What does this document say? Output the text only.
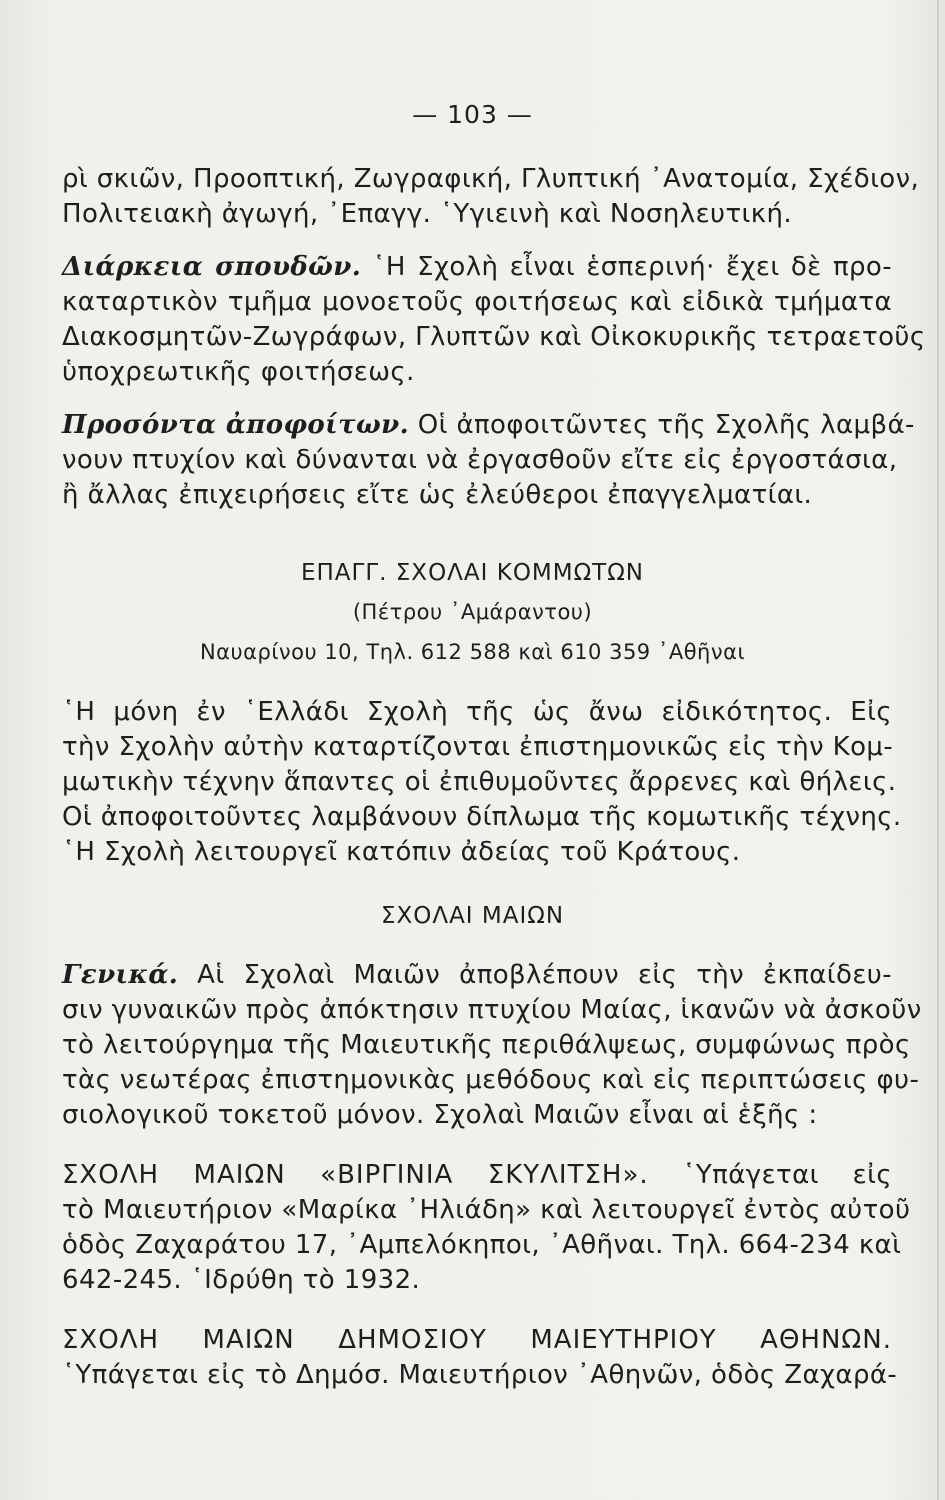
— 103 —
ρὶ σκιῶν, Προοπτική, Ζωγραφική, Γλυπτική ᾿Ανατομία, Σχέδιον,
Πολιτειακὴ ἀγωγή, ᾿Επαγγ. ῾Υγιεινὴ καὶ Νοσηλευτική.
Διάρκεια σπουδῶν. ῾Η Σχολὴ εἶναι ἑσπερινή· ἔχει δὲ προ-
καταρτικὸν τμῆμα μονοετοῦς φοιτήσεως καὶ εἰδικὰ τμήματα
Διακοσμητῶν-Ζωγράφων, Γλυπτῶν καὶ Οἰκοκυρικῆς τετραετοῦς
ὑποχρεωτικῆς φοιτήσεως.
Προσόντα ἀποφοίτων. Οἱ ἀποφοιτῶντες τῆς Σχολῆς λαμβά-
νουν πτυχίον καὶ δύνανται νὰ ἐργασθοῦν εἴτε εἰς ἐργοστάσια,
ἢ ἄλλας ἐπιχειρήσεις εἴτε ὡς ἐλεύθεροι ἐπαγγελματίαι.
ΕΠΑΓΓ. ΣΧΟΛΑΙ ΚΟΜΜΩΤΩΝ
(Πέτρου ᾿Αμάραντου)
Ναυαρίνου 10, Τηλ. 612 588 καὶ 610 359 ᾿Αθῆναι
῾Η μόνη ἐν ῾Ελλάδι Σχολὴ τῆς ὡς ἄνω εἰδικότητος. Εἰς
τὴν Σχολὴν αὐτὴν καταρτίζονται ἐπιστημονικῶς εἰς τὴν Κομ-
μωτικὴν τέχνην ἅπαντες οἱ ἐπιθυμοῦντες ἄρρενες καὶ θήλεις.
Οἱ ἀποφοιτοῦντες λαμβάνουν δίπλωμα τῆς κομωτικῆς τέχνης.
῾Η Σχολὴ λειτουργεῖ κατόπιν ἀδείας τοῦ Κράτους.
ΣΧΟΛΑΙ ΜΑΙΩΝ
Γενικά. Αἱ Σχολαὶ Μαιῶν ἀποβλέπουν εἰς τὴν ἐκπαίδευ-
σιν γυναικῶν πρὸς ἀπόκτησιν πτυχίου Μαίας, ἱκανῶν νὰ ἀσκοῦν
τὸ λειτούργημα τῆς Μαιευτικῆς περιθάλψεως, συμφώνως πρὸς
τὰς νεωτέρας ἐπιστημονικὰς μεθόδους καὶ εἰς περιπτώσεις φυ-
σιολογικοῦ τοκετοῦ μόνον. Σχολαὶ Μαιῶν εἶναι αἱ ἑξῆς :
ΣΧΟΛΗ ΜΑΙΩΝ «ΒΙΡΓΙΝΙΑ ΣΚΥΛΙΤΣΗ». ῾Υπάγεται εἰς
τὸ Μαιευτήριον «Μαρίκα ᾿Ηλιάδη» καὶ λειτουργεῖ ἐντὸς αὐτοῦ
ὁδὸς Ζαχαράτου 17, ᾿Αμπελόκηποι, ᾿Αθῆναι. Τηλ. 664-234 καὶ
642-245. ῾Ιδρύθη τὸ 1932.
ΣΧΟΛΗ ΜΑΙΩΝ ΔΗΜΟΣΙΟΥ ΜΑΙΕΥΤΗΡΙΟΥ ΑΘΗΝΩΝ.
῾Υπάγεται εἰς τὸ Δημόσ. Μαιευτήριον ᾿Αθηνῶν, ὁδὸς Ζαχαρά-
